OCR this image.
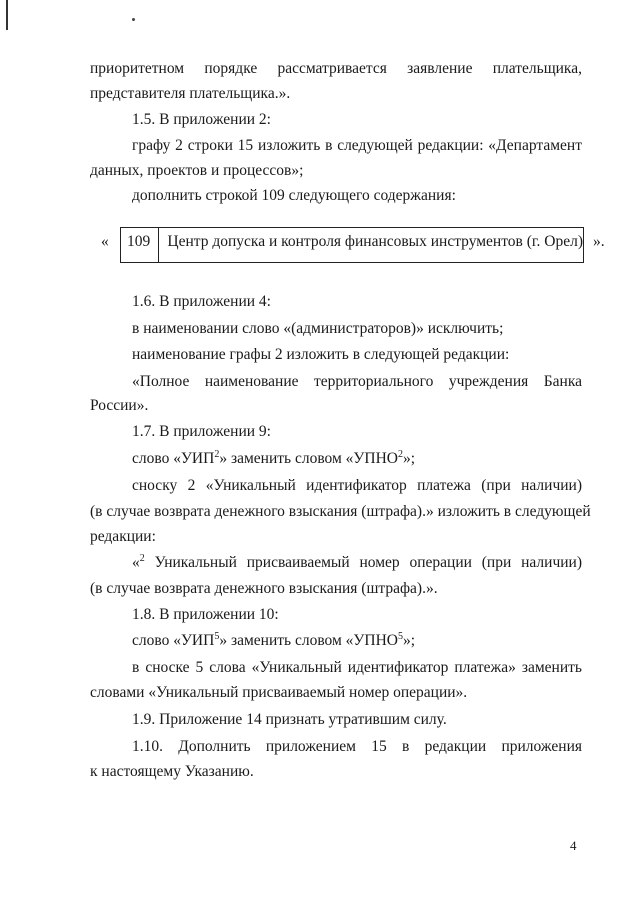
приоритетном порядке рассматривается заявление плательщика,
представителя плательщика.».
1.5. В приложении 2:
графу 2 строки 15 изложить в следующей редакции: «Департамент
данных, проектов и процессов»;
дополнить строкой 109 следующего содержания:
«	109	Центр допуска и контроля финансовых инструментов (г. Орел) ».
1.6. В приложении 4:
в наименовании слово «(администраторов)» исключить;
наименование графы 2 изложить в следующей редакции:
«Полное наименование территориального учреждения Банка
России».
1.7. В приложении 9:
слово «УИП$^2$» заменить словом «УПНО$^2$»;
сноску 2 «Уникальный идентификатор платежа (при наличии)
(в случае возврата денежного взыскания (штрафа).» изложить в следующей
редакции:
«$^2$ Уникальный присваиваемый номер операции (при наличии)
(в случае возврата денежного взыскания (штрафа).».
1.8. В приложении 10:
слово «УИП$^5$» заменить словом «УПНО$^5$»;
в сноске 5 слова «Уникальный идентификатор платежа» заменить
словами «Уникальный присваиваемый номер операции».
1.9. Приложение 14 признать утратившим силу.
1.10. Дополнить приложением 15 в редакции приложения
к настоящему Указанию.
4
